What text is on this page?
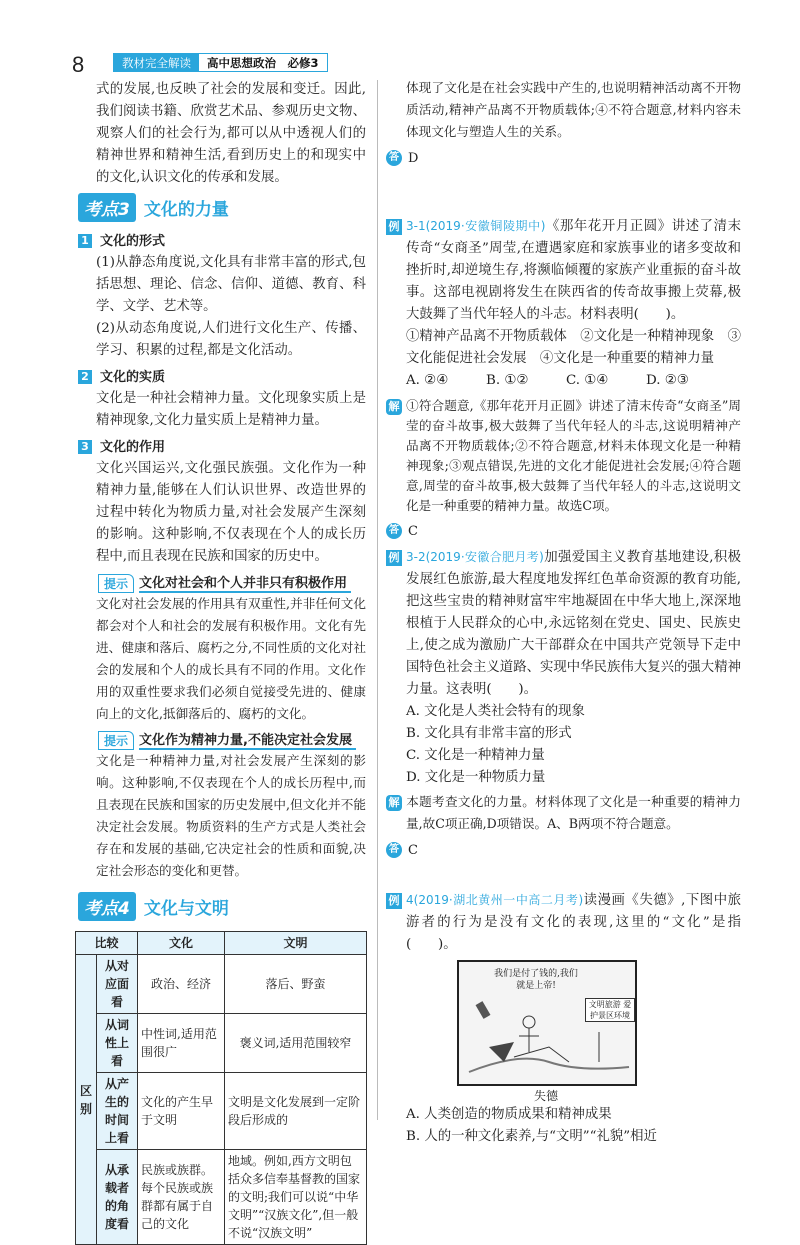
8	教材完全解读	高中思想政治　必修3
式的发展,也反映了社会的发展和变迁。因此,我们阅读书籍、欣赏艺术品、参观历史文物、观察人们的社会行为,都可以从中透视人们的精神世界和精神生活,看到历史上的和现实中的文化,认识文化的传承和发展。
考点3 文化的力量
1 文化的形式
(1)从静态角度说,文化具有非常丰富的形式,包括思想、理论、信念、信仰、道德、教育、科学、文学、艺术等。
(2)从动态角度说,人们进行文化生产、传播、学习、积累的过程,都是文化活动。
2 文化的实质
文化是一种社会精神力量。文化现象实质上是精神现象,文化力量实质上是精神力量。
3 文化的作用
文化兴国运兴,文化强民族强。文化作为一种精神力量,能够在人们认识世界、改造世界的过程中转化为物质力量,对社会发展产生深刻的影响。这种影响,不仅表现在个人的成长历程中,而且表现在民族和国家的历史中。
提示 文化对社会和个人并非只有积极作用
文化对社会发展的作用具有双重性,并非任何文化都会对个人和社会的发展有积极作用。文化有先进、健康和落后、腐朽之分,不同性质的文化对社会的发展和个人的成长具有不同的作用。文化作用的双重性要求我们必须自觉接受先进的、健康向上的文化,抵御落后的、腐朽的文化。
提示 文化作为精神力量,不能决定社会发展
文化是一种精神力量,对社会发展产生深刻的影响。这种影响,不仅表现在个人的成长历程中,而且表现在民族和国家的历史发展中,但文化并不能决定社会发展。物质资料的生产方式是人类社会存在和发展的基础,它决定社会的性质和面貌,决定社会形态的变化和更替。
考点4 文化与文明
比较		文化	文明
区别	从对应面看	政治、经济	落后、野蛮
	从词性上看	中性词,适用范围很广	褒义词,适用范围较窄
	从产生的时间上看	文化的产生早于文明	文明是文化发展到一定阶段后形成的
	从承载者的角度看	民族或族群。每个民族或族群都有属于自己的文化	地域。例如,西方文明包括众多信奉基督教的国家的文明;我们可以说“中华文明”“汉族文化”,但一般不说“汉族文明”
体现了文化是在社会实践中产生的,也说明精神活动离不开物质活动,精神产品离不开物质载体;④不符合题意,材料内容未体现文化与塑造人生的关系。
答 D
例 3-1(2019·安徽铜陵期中)《那年花开月正圆》讲述了清末传奇“女商圣”周莹,在遭遇家庭和家族事业的诸多变故和挫折时,却逆境生存,将濒临倾覆的家族产业重振的奋斗故事。这部电视剧将发生在陕西省的传奇故事搬上荧幕,极大鼓舞了当代年轻人的斗志。材料表明(　　)。
①精神产品离不开物质载体　②文化是一种精神现象　③文化能促进社会发展　④文化是一种重要的精神力量
A. ②④	B. ①②	C. ①④	D. ②③
解 ①符合题意,《那年花开月正圆》讲述了清末传奇“女商圣”周莹的奋斗故事,极大鼓舞了当代年轻人的斗志,这说明精神产品离不开物质载体;②不符合题意,材料未体现文化是一种精神现象;③观点错误,先进的文化才能促进社会发展;④符合题意,周莹的奋斗故事,极大鼓舞了当代年轻人的斗志,这说明文化是一种重要的精神力量。故选C项。
答 C
例 3-2(2019·安徽合肥月考)加强爱国主义教育基地建设,积极发展红色旅游,最大程度地发挥红色革命资源的教育功能,把这些宝贵的精神财富牢牢地凝固在中华大地上,深深地根植于人民群众的心中,永远铭刻在党史、国史、民族史上,使之成为激励广大干部群众在中国共产党领导下走中国特色社会主义道路、实现中华民族伟大复兴的强大精神力量。这表明(　　)。
A. 文化是人类社会特有的现象
B. 文化具有非常丰富的形式
C. 文化是一种精神力量
D. 文化是一种物质力量
解 本题考查文化的力量。材料体现了文化是一种重要的精神力量,故C项正确,D项错误。A、B两项不符合题意。
答 C
例 4(2019·湖北黄州一中高二月考)读漫画《失德》,下图中旅游者的行为是没有文化的表现,这里的“文化”是指(　　)。
我们是付了钱的,我们就是上帝!
文明旅游 爱护景区环境
失德
A. 人类创造的物质成果和精神成果
B. 人的一种文化素养,与“文明”“礼貌”相近
